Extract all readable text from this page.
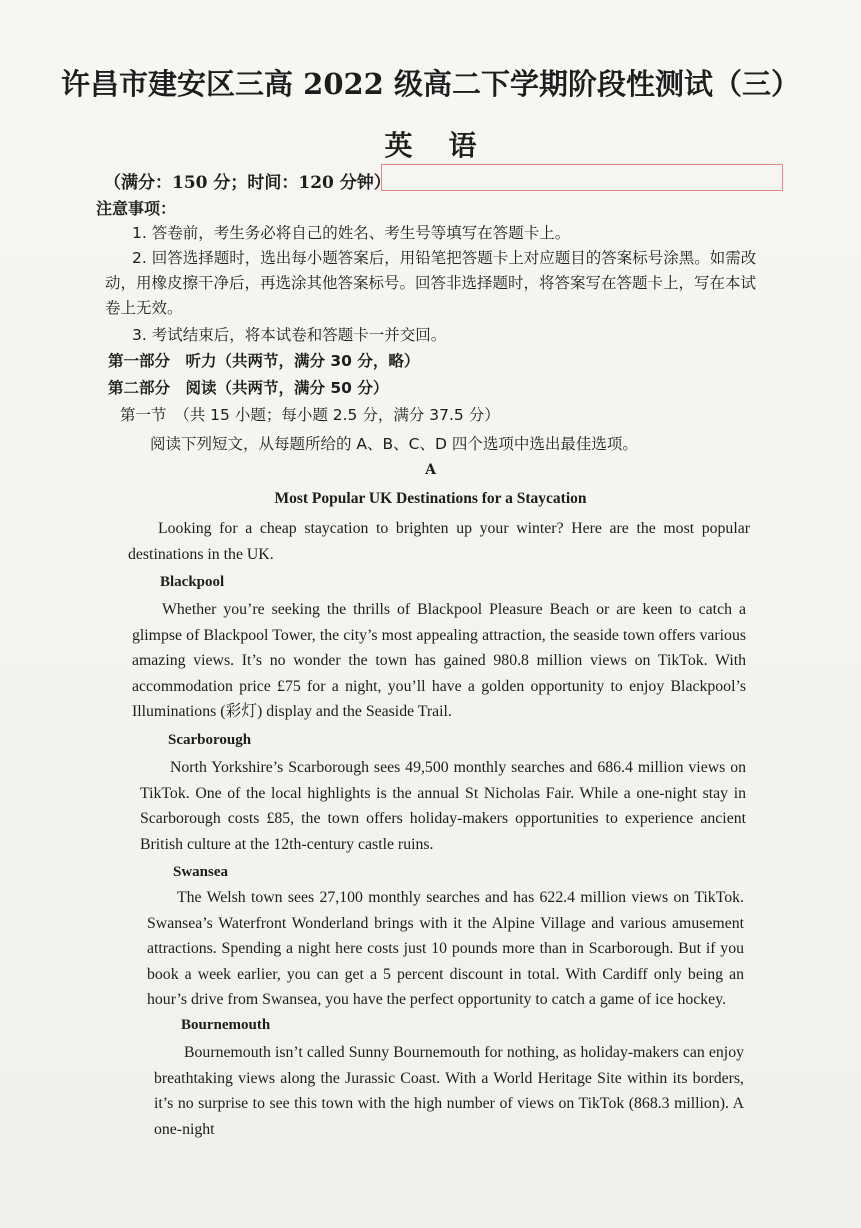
许昌市建安区三高 2022 级高二下学期阶段性测试（三）
英语
（满分：150 分；时间：120 分钟）
注意事项：
1. 答卷前，考生务必将自己的姓名、考生号等填写在答题卡上。
2. 回答选择题时，选出每小题答案后，用铅笔把答题卡上对应题目的答案标号涂黑。如需改动，用橡皮擦干净后，再选涂其他答案标号。回答非选择题时，将答案写在答题卡上，写在本试卷上无效。
3. 考试结束后，将本试卷和答题卡一并交回。
第一部分　听力（共两节，满分 30 分，略）
第二部分　阅读（共两节，满分 50 分）
第一节　（共 15 小题；每小题 2.5 分，满分 37.5 分）
阅读下列短文，从每题所给的 A、B、C、D 四个选项中选出最佳选项。
A
Most Popular UK Destinations for a Staycation
Looking for a cheap staycation to brighten up your winter? Here are the most popular destinations in the UK.
Blackpool
Whether you’re seeking the thrills of Blackpool Pleasure Beach or are keen to catch a glimpse of Blackpool Tower, the city’s most appealing attraction, the seaside town offers various amazing views. It’s no wonder the town has gained 980.8 million views on TikTok. With accommodation price £75 for a night, you’ll have a golden opportunity to enjoy Blackpool’s Illuminations (彩灯) display and the Seaside Trail.
Scarborough
North Yorkshire’s Scarborough sees 49,500 monthly searches and 686.4 million views on TikTok. One of the local highlights is the annual St Nicholas Fair. While a one-night stay in Scarborough costs £85, the town offers holiday-makers opportunities to experience ancient British culture at the 12th-century castle ruins.
Swansea
The Welsh town sees 27,100 monthly searches and has 622.4 million views on TikTok. Swansea’s Waterfront Wonderland brings with it the Alpine Village and various amusement attractions. Spending a night here costs just 10 pounds more than in Scarborough. But if you book a week earlier, you can get a 5 percent discount in total. With Cardiff only being an hour’s drive from Swansea, you have the perfect opportunity to catch a game of ice hockey.
Bournemouth
Bournemouth isn’t called Sunny Bournemouth for nothing, as holiday-makers can enjoy breathtaking views along the Jurassic Coast. With a World Heritage Site within its borders, it’s no surprise to see this town with the high number of views on TikTok (868.3 million). A one-night
